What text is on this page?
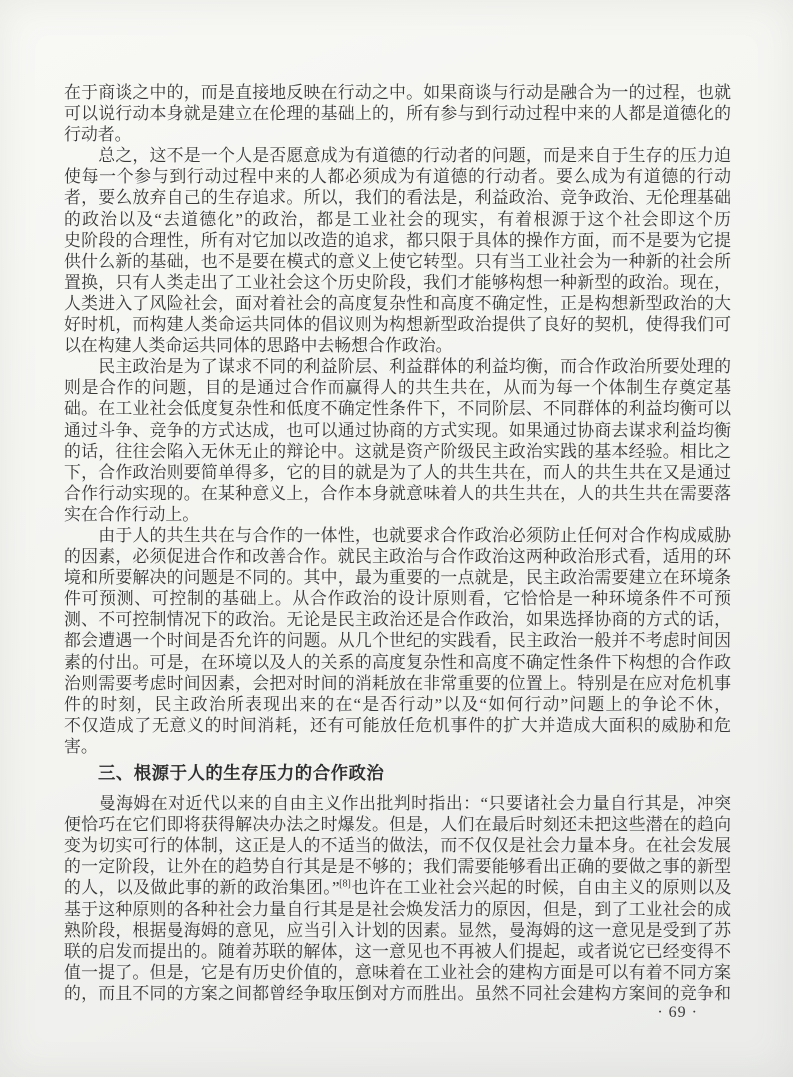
在于商谈之中的，而是直接地反映在行动之中。如果商谈与行动是融合为一的过程，也就
可以说行动本身就是建立在伦理的基础上的，所有参与到行动过程中来的人都是道德化的
行动者。
　　总之，这不是一个人是否愿意成为有道德的行动者的问题，而是来自于生存的压力迫
使每一个参与到行动过程中来的人都必须成为有道德的行动者。要么成为有道德的行动
者，要么放弃自己的生存追求。所以，我们的看法是，利益政治、竞争政治、无伦理基础
的政治以及“去道德化”的政治，都是工业社会的现实，有着根源于这个社会即这个历
史阶段的合理性，所有对它加以改造的追求，都只限于具体的操作方面，而不是要为它提
供什么新的基础，也不是要在模式的意义上使它转型。只有当工业社会为一种新的社会所
置换，只有人类走出了工业社会这个历史阶段，我们才能够构想一种新型的政治。现在，
人类进入了风险社会，面对着社会的高度复杂性和高度不确定性，正是构想新型政治的大
好时机，而构建人类命运共同体的倡议则为构想新型政治提供了良好的契机，使得我们可
以在构建人类命运共同体的思路中去畅想合作政治。
　　民主政治是为了谋求不同的利益阶层、利益群体的利益均衡，而合作政治所要处理的
则是合作的问题，目的是通过合作而赢得人的共生共在，从而为每一个体制生存奠定基
础。在工业社会低度复杂性和低度不确定性条件下，不同阶层、不同群体的利益均衡可以
通过斗争、竞争的方式达成，也可以通过协商的方式实现。如果通过协商去谋求利益均衡
的话，往往会陷入无休无止的辩论中。这就是资产阶级民主政治实践的基本经验。相比之
下，合作政治则要简单得多，它的目的就是为了人的共生共在，而人的共生共在又是通过
合作行动实现的。在某种意义上，合作本身就意味着人的共生共在，人的共生共在需要落
实在合作行动上。
　　由于人的共生共在与合作的一体性，也就要求合作政治必须防止任何对合作构成威胁
的因素，必须促进合作和改善合作。就民主政治与合作政治这两种政治形式看，适用的环
境和所要解决的问题是不同的。其中，最为重要的一点就是，民主政治需要建立在环境条
件可预测、可控制的基础上。从合作政治的设计原则看，它恰恰是一种环境条件不可预
测、不可控制情况下的政治。无论是民主政治还是合作政治，如果选择协商的方式的话，
都会遭遇一个时间是否允许的问题。从几个世纪的实践看，民主政治一般并不考虑时间因
素的付出。可是，在环境以及人的关系的高度复杂性和高度不确定性条件下构想的合作政
治则需要考虑时间因素，会把对时间的消耗放在非常重要的位置上。特别是在应对危机事
件的时刻，民主政治所表现出来的在“是否行动”以及“如何行动”问题上的争论不休，
不仅造成了无意义的时间消耗，还有可能放任危机事件的扩大并造成大面积的威胁和危
害。
三、根源于人的生存压力的合作政治
　　曼海姆在对近代以来的自由主义作出批判时指出：“只要诸社会力量自行其是，冲突
便恰巧在它们即将获得解决办法之时爆发。但是，人们在最后时刻还未把这些潜在的趋向
变为切实可行的体制，这正是人的不适当的做法，而不仅仅是社会力量本身。在社会发展
的一定阶段，让外在的趋势自行其是是不够的；我们需要能够看出正确的要做之事的新型
的人，以及做此事的新的政治集团。”[8]也许在工业社会兴起的时候，自由主义的原则以及
基于这种原则的各种社会力量自行其是是社会焕发活力的原因，但是，到了工业社会的成
熟阶段，根据曼海姆的意见，应当引入计划的因素。显然，曼海姆的这一意见是受到了苏
联的启发而提出的。随着苏联的解体，这一意见也不再被人们提起，或者说它已经变得不
值一提了。但是，它是有历史价值的，意味着在工业社会的建构方面是可以有着不同方案
的，而且不同的方案之间都曾经争取压倒对方而胜出。虽然不同社会建构方案间的竞争和
· 69 ·
